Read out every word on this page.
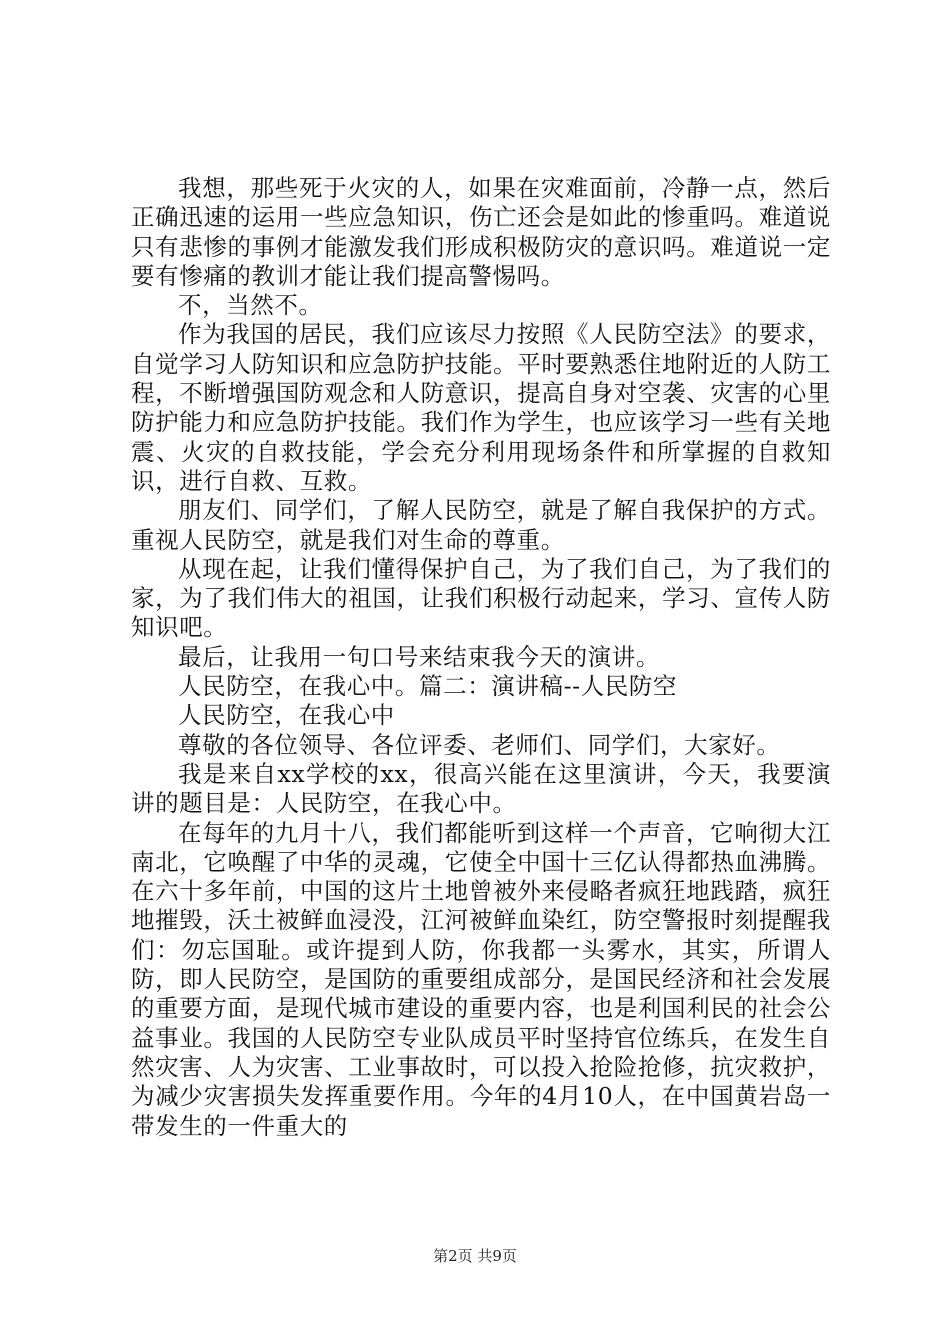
我想，那些死于火灾的人，如果在灾难面前，冷静一点，然后正确迅速的运用一些应急知识，伤亡还会是如此的惨重吗。难道说只有悲惨的事例才能激发我们形成积极防灾的意识吗。难道说一定要有惨痛的教训才能让我们提高警惕吗。

不，当然不。

作为我国的居民，我们应该尽力按照《人民防空法》的要求，自觉学习人防知识和应急防护技能。平时要熟悉住地附近的人防工程，不断增强国防观念和人防意识，提高自身对空袭、灾害的心里防护能力和应急防护技能。我们作为学生，也应该学习一些有关地震、火灾的自救技能，学会充分利用现场条件和所掌握的自救知识，进行自救、互救。

朋友们、同学们，了解人民防空，就是了解自我保护的方式。重视人民防空，就是我们对生命的尊重。

从现在起，让我们懂得保护自己，为了我们自己，为了我们的家，为了我们伟大的祖国，让我们积极行动起来，学习、宣传人防知识吧。

最后，让我用一句口号来结束我今天的演讲。

人民防空，在我心中。篇二：演讲稿--人民防空

人民防空，在我心中

尊敬的各位领导、各位评委、老师们、同学们，大家好。

我是来自xx学校的xx，很高兴能在这里演讲，今天，我要演讲的题目是：人民防空，在我心中。

在每年的九月十八，我们都能听到这样一个声音，它响彻大江南北，它唤醒了中华的灵魂，它使全中国十三亿认得都热血沸腾。在六十多年前，中国的这片土地曾被外来侵略者疯狂地践踏，疯狂地摧毁，沃土被鲜血浸没，江河被鲜血染红，防空警报时刻提醒我们：勿忘国耻。或许提到人防，你我都一头雾水，其实，所谓人防，即人民防空，是国防的重要组成部分，是国民经济和社会发展的重要方面，是现代城市建设的重要内容，也是利国利民的社会公益事业。我国的人民防空专业队成员平时坚持官位练兵，在发生自然灾害、人为灾害、工业事故时，可以投入抢险抢修，抗灾救护，为减少灾害损失发挥重要作用。今年的4月10人，在中国黄岩岛一带发生的一件重大的

第2页 共9页
